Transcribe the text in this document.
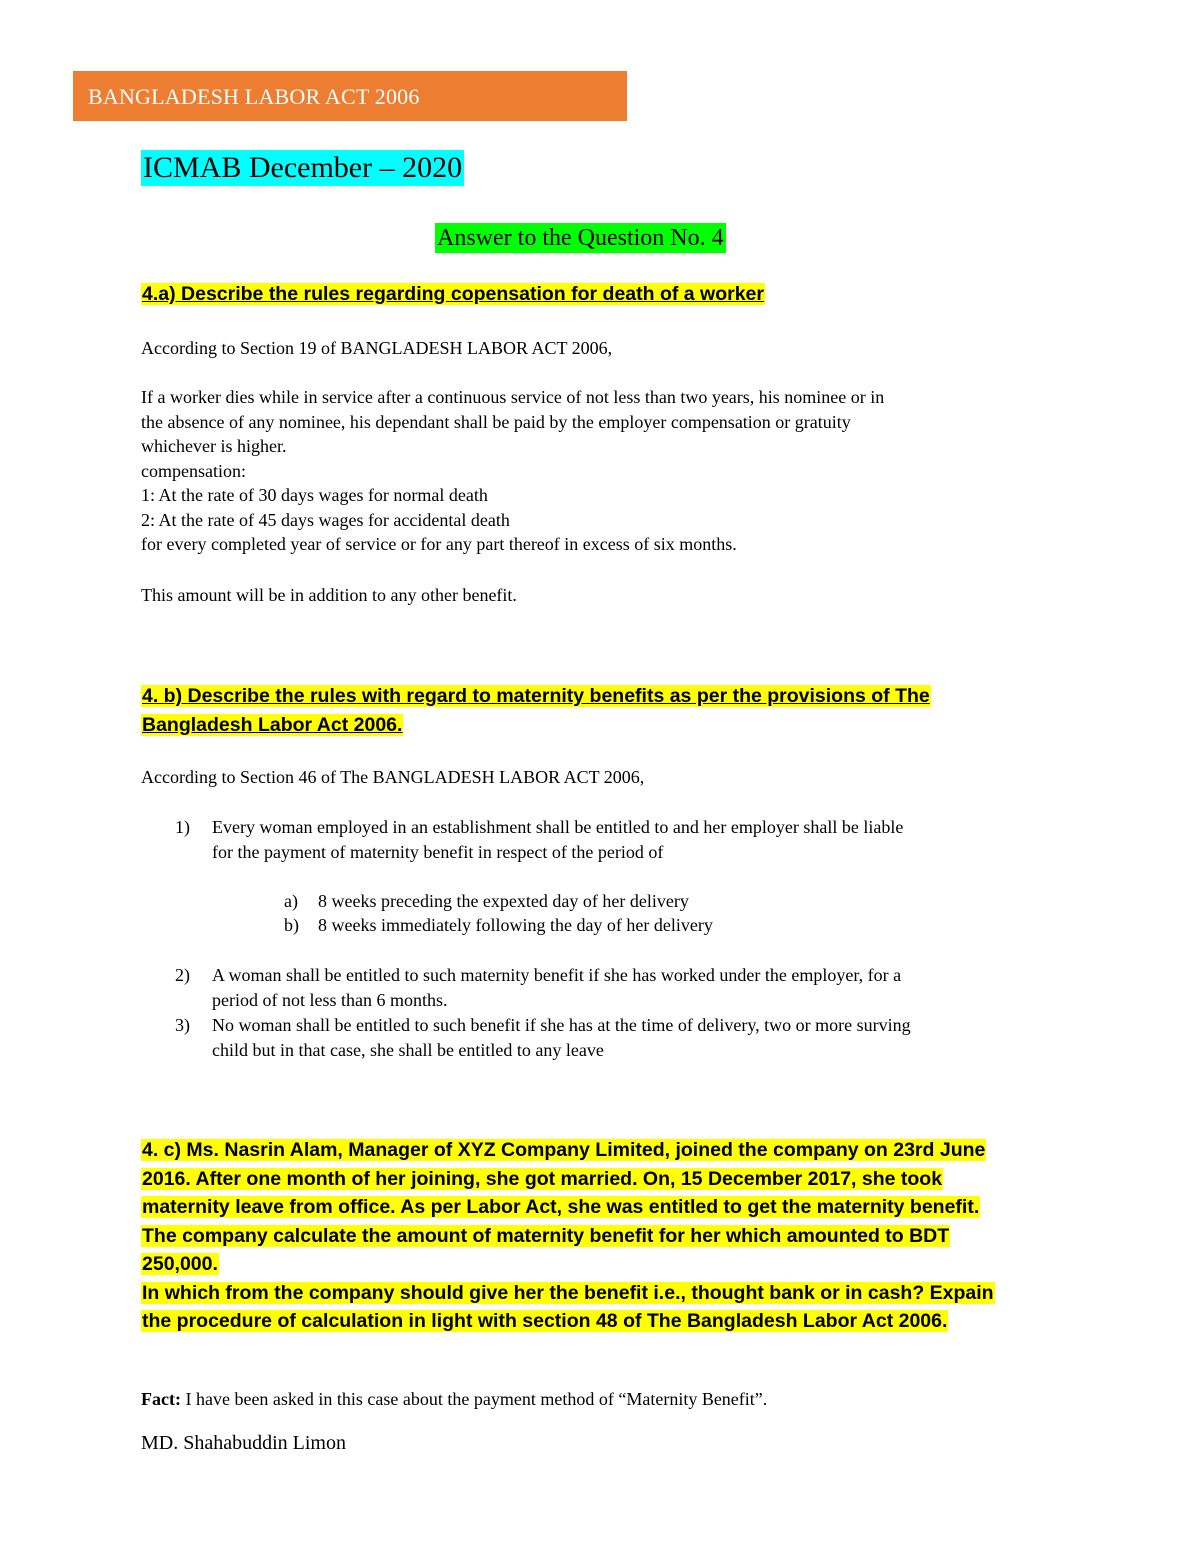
BANGLADESH LABOR ACT 2006
ICMAB December – 2020
Answer to the Question No. 4
4.a) Describe the rules regarding copensation for death of a worker
According to Section 19 of BANGLADESH LABOR ACT 2006,
If a worker dies while in service after a continuous service of not less than two years, his nominee or in
the absence of any nominee, his dependant shall be paid by the employer compensation or gratuity
whichever is higher.
compensation:
1: At the rate of 30 days wages for normal death
2: At the rate of 45 days wages for accidental death
for every completed year of service or for any part thereof in excess of six months.
This amount will be in addition to any other benefit.
4. b) Describe the rules with regard to maternity benefits as per the provisions of The
Bangladesh Labor Act 2006.
According to Section 46 of The BANGLADESH LABOR ACT 2006,
1) Every woman employed in an establishment shall be entitled to and her employer shall be liable
for the payment of maternity benefit in respect of the period of
a) 8 weeks preceding the expexted day of her delivery
b) 8 weeks immediately following the day of her delivery
2) A woman shall be entitled to such maternity benefit if she has worked under the employer, for a
period of not less than 6 months.
3) No woman shall be entitled to such benefit if she has at the time of delivery, two or more surving
child but in that case, she shall be entitled to any leave
4. c) Ms. Nasrin Alam, Manager of XYZ Company Limited, joined the company on 23rd June
2016. After one month of her joining, she got married. On, 15 December 2017, she took
maternity leave from office. As per Labor Act, she was entitled to get the maternity benefit.
The company calculate the amount of maternity benefit for her which amounted to BDT
250,000.
In which from the company should give her the benefit i.e., thought bank or in cash? Expain
the procedure of calculation in light with section 48 of The Bangladesh Labor Act 2006.
Fact: I have been asked in this case about the payment method of “Maternity Benefit”.
MD. Shahabuddin Limon
